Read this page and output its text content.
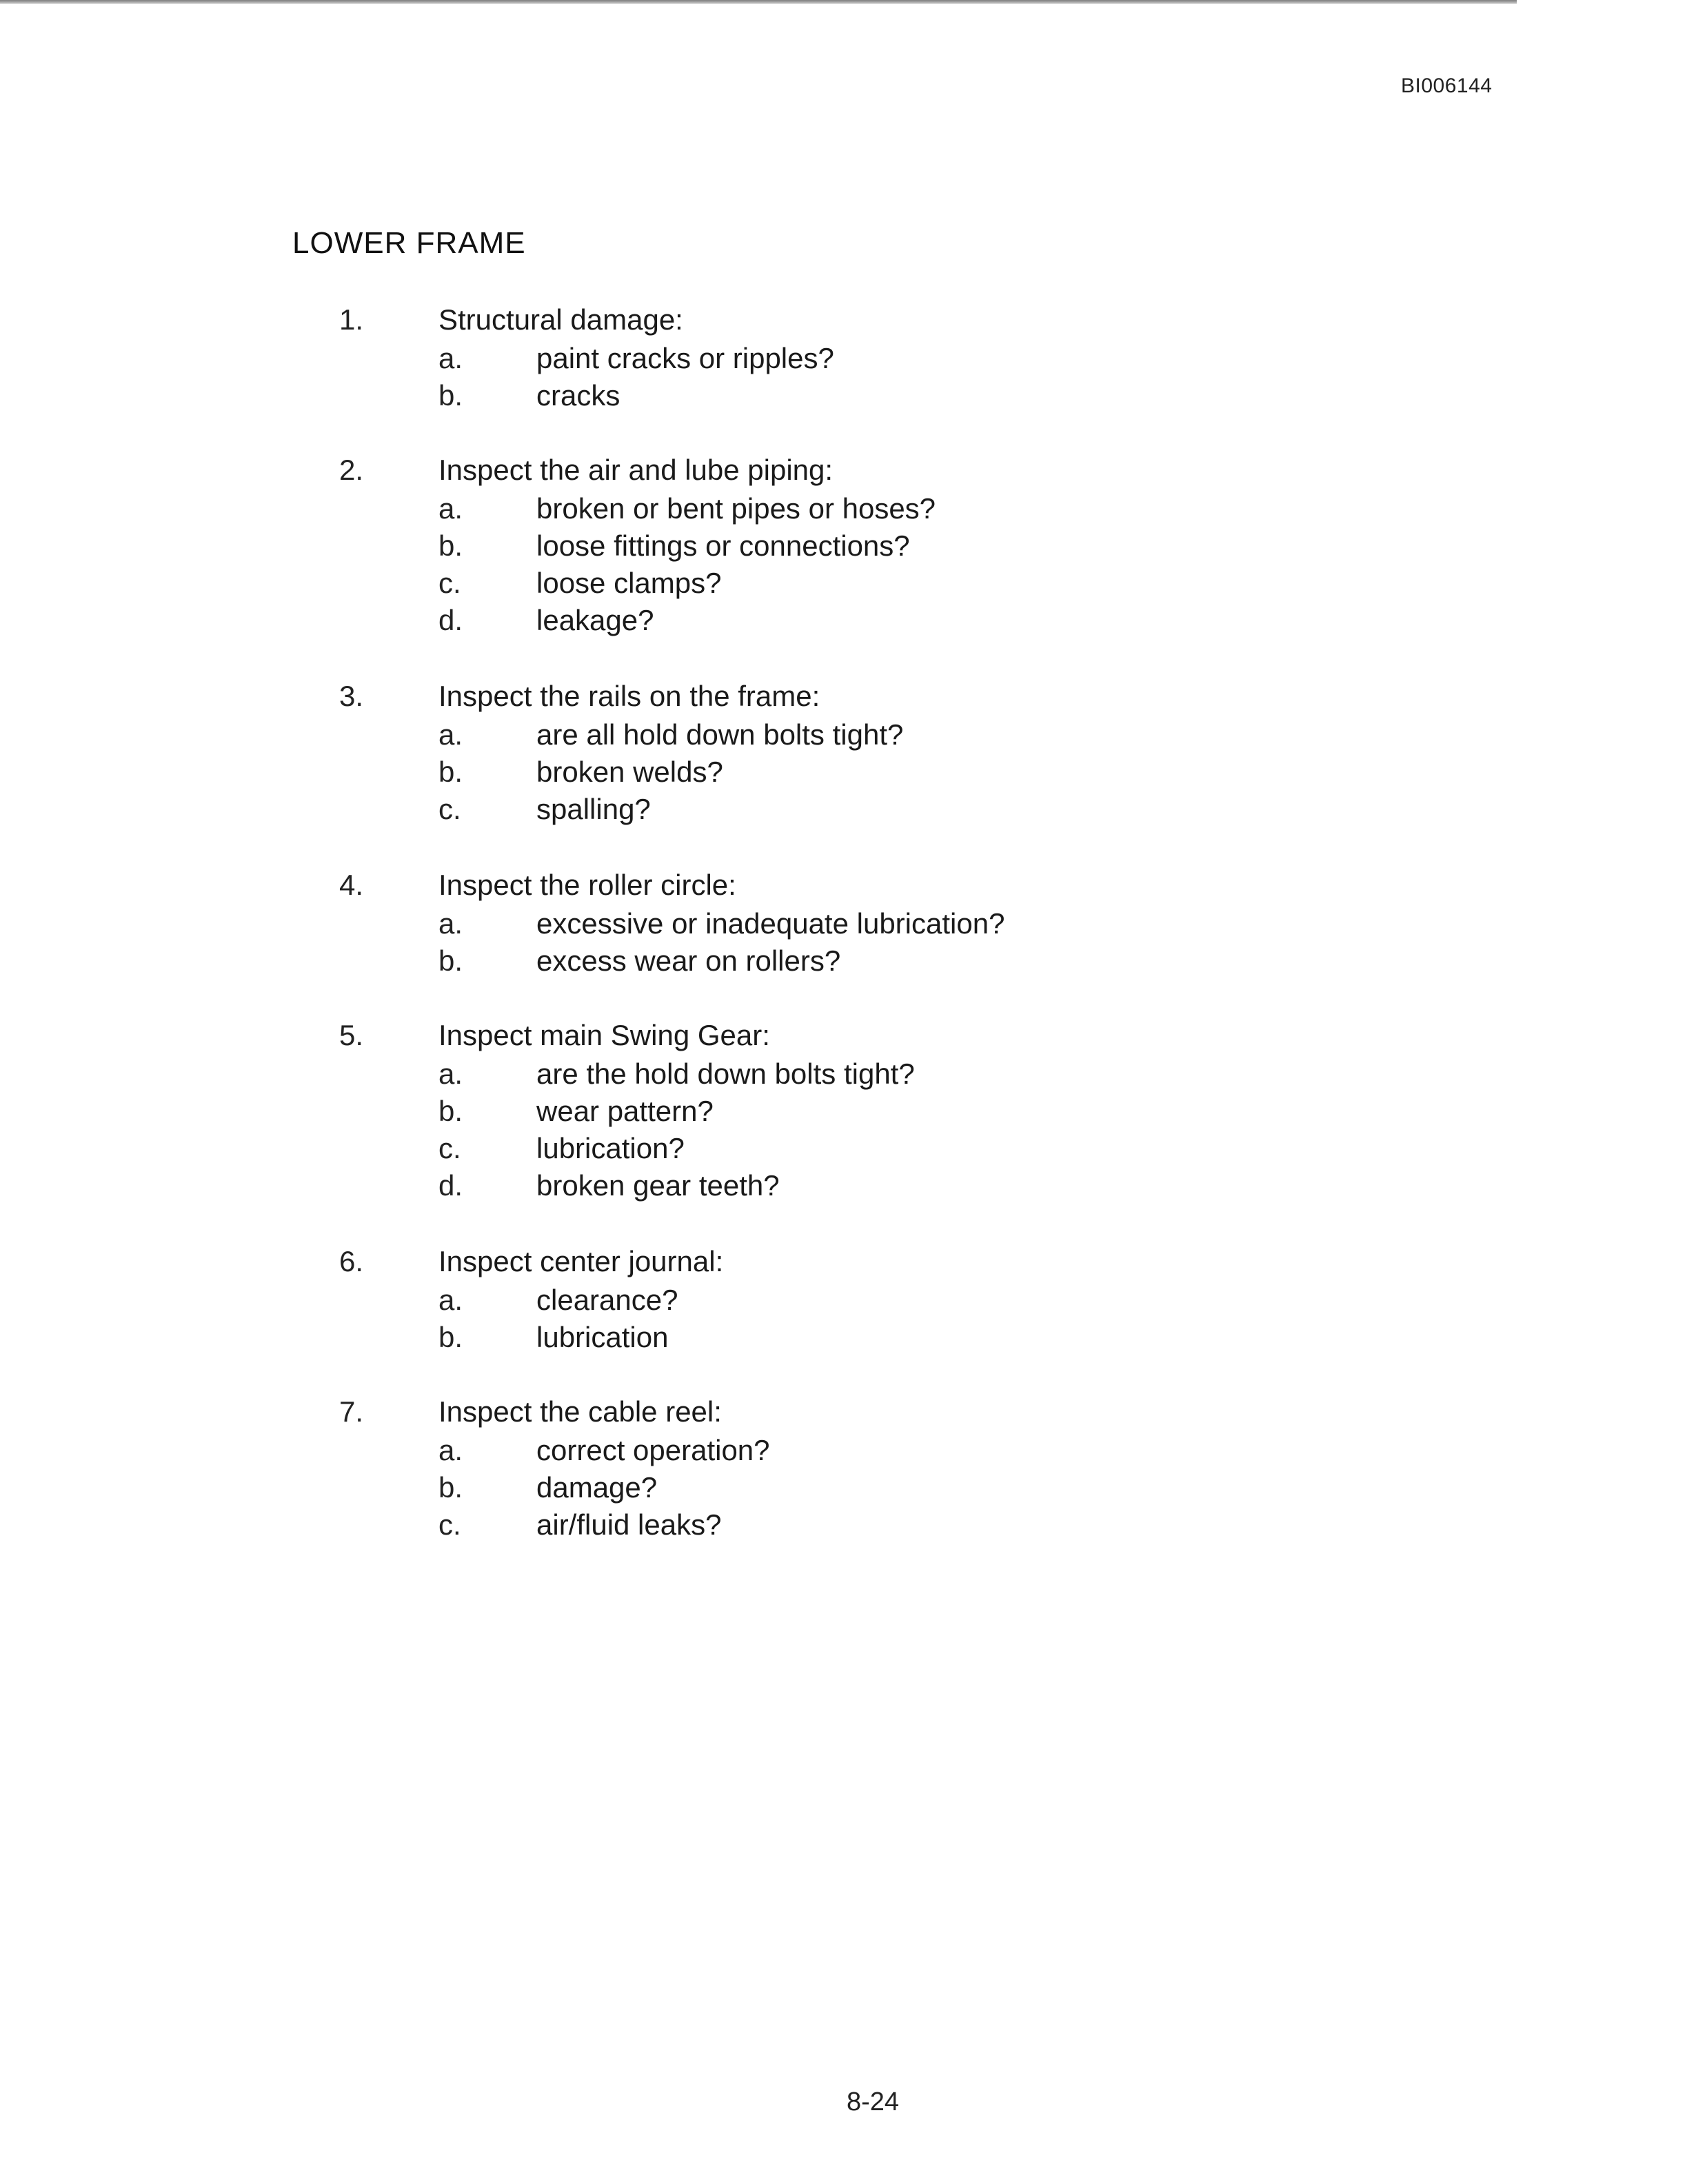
BI006144
LOWER FRAME
1.	Structural damage:
a.	paint cracks or ripples?
b.	cracks
2.	Inspect the air and lube piping:
a.	broken or bent pipes or hoses?
b.	loose fittings or connections?
c.	loose clamps?
d.	leakage?
3.	Inspect the rails on the frame:
a.	are all hold down bolts tight?
b.	broken welds?
c.	spalling?
4.	Inspect the roller circle:
a.	excessive or inadequate lubrication?
b.	excess wear on rollers?
5.	Inspect main Swing Gear:
a.	are the hold down bolts tight?
b.	wear pattern?
c.	lubrication?
d.	broken gear teeth?
6.	Inspect center journal:
a.	clearance?
b.	lubrication
7.	Inspect the cable reel:
a.	correct operation?
b.	damage?
c.	air/fluid leaks?
8-24
